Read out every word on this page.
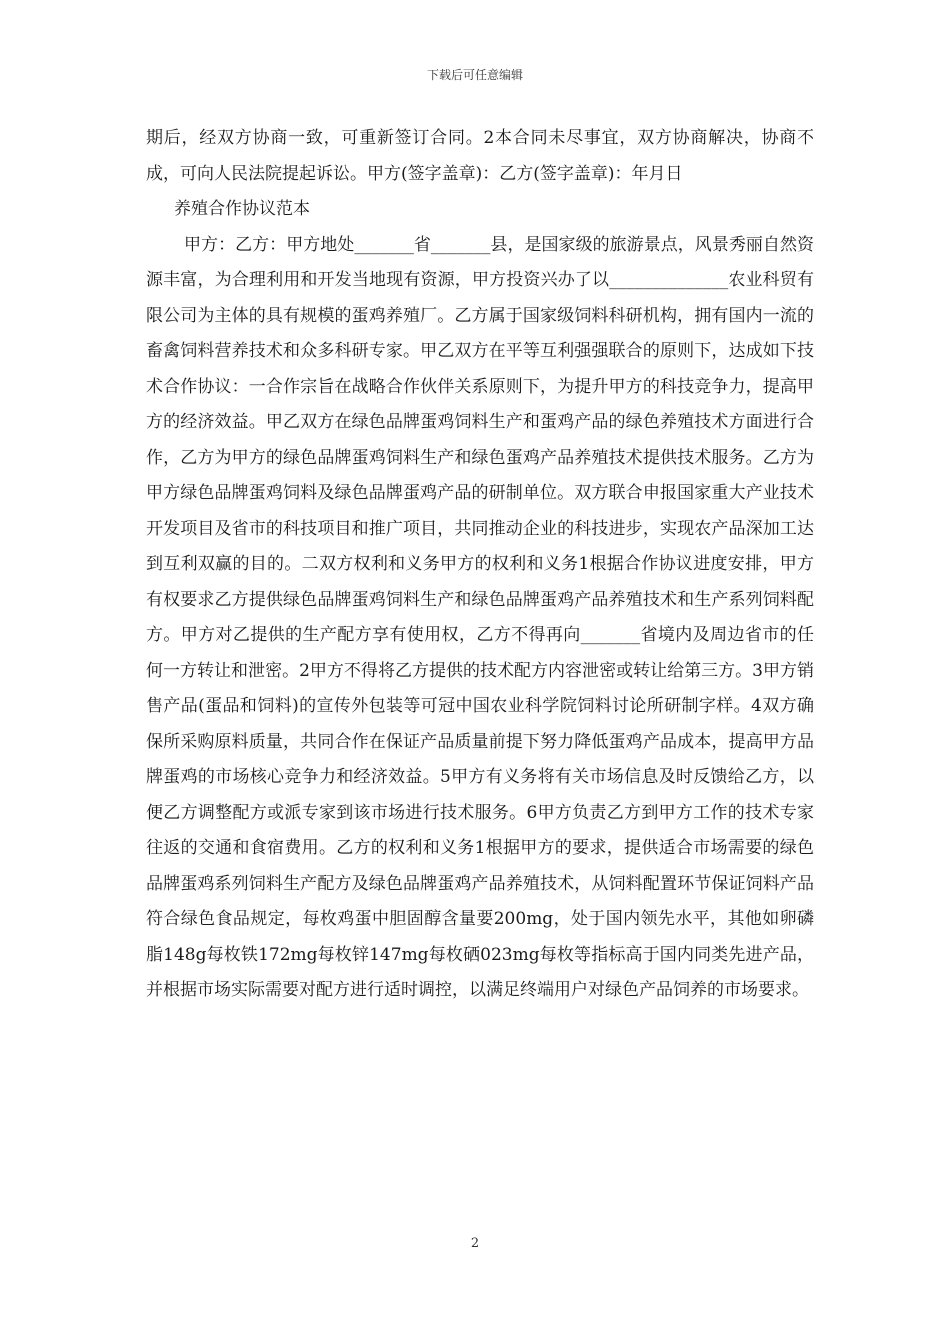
下载后可任意编辑

期后，经双方协商一致，可重新签订合同。2本合同未尽事宜，双方协商解决，协商不成，可向人民法院提起诉讼。甲方(签字盖章)：乙方(签字盖章)：年月日

养殖合作协议范本

甲方：乙方：甲方地处_______省_______县，是国家级的旅游景点，风景秀丽自然资源丰富，为合理利用和开发当地现有资源，甲方投资兴办了以______________农业科贸有限公司为主体的具有规模的蛋鸡养殖厂。乙方属于国家级饲料科研机构，拥有国内一流的畜禽饲料营养技术和众多科研专家。甲乙双方在平等互利强强联合的原则下，达成如下技术合作协议：一合作宗旨在战略合作伙伴关系原则下，为提升甲方的科技竞争力，提高甲方的经济效益。甲乙双方在绿色品牌蛋鸡饲料生产和蛋鸡产品的绿色养殖技术方面进行合作，乙方为甲方的绿色品牌蛋鸡饲料生产和绿色蛋鸡产品养殖技术提供技术服务。乙方为甲方绿色品牌蛋鸡饲料及绿色品牌蛋鸡产品的研制单位。双方联合申报国家重大产业技术开发项目及省市的科技项目和推广项目，共同推动企业的科技进步，实现农产品深加工达到互利双赢的目的。二双方权利和义务甲方的权利和义务1根据合作协议进度安排，甲方有权要求乙方提供绿色品牌蛋鸡饲料生产和绿色品牌蛋鸡产品养殖技术和生产系列饲料配方。甲方对乙提供的生产配方享有使用权，乙方不得再向_______省境内及周边省市的任何一方转让和泄密。2甲方不得将乙方提供的技术配方内容泄密或转让给第三方。3甲方销售产品(蛋品和饲料)的宣传外包装等可冠中国农业科学院饲料讨论所研制字样。4双方确保所采购原料质量，共同合作在保证产品质量前提下努力降低蛋鸡产品成本，提高甲方品牌蛋鸡的市场核心竞争力和经济效益。5甲方有义务将有关市场信息及时反馈给乙方，以便乙方调整配方或派专家到该市场进行技术服务。6甲方负责乙方到甲方工作的技术专家往返的交通和食宿费用。乙方的权利和义务1根据甲方的要求，提供适合市场需要的绿色品牌蛋鸡系列饲料生产配方及绿色品牌蛋鸡产品养殖技术，从饲料配置环节保证饲料产品符合绿色食品规定，每枚鸡蛋中胆固醇含量要200mg，处于国内领先水平，其他如卵磷脂148g每枚铁172mg每枚锌147mg每枚硒023mg每枚等指标高于国内同类先进产品，并根据市场实际需要对配方进行适时调控，以满足终端用户对绿色产品饲养的市场要求。

2
